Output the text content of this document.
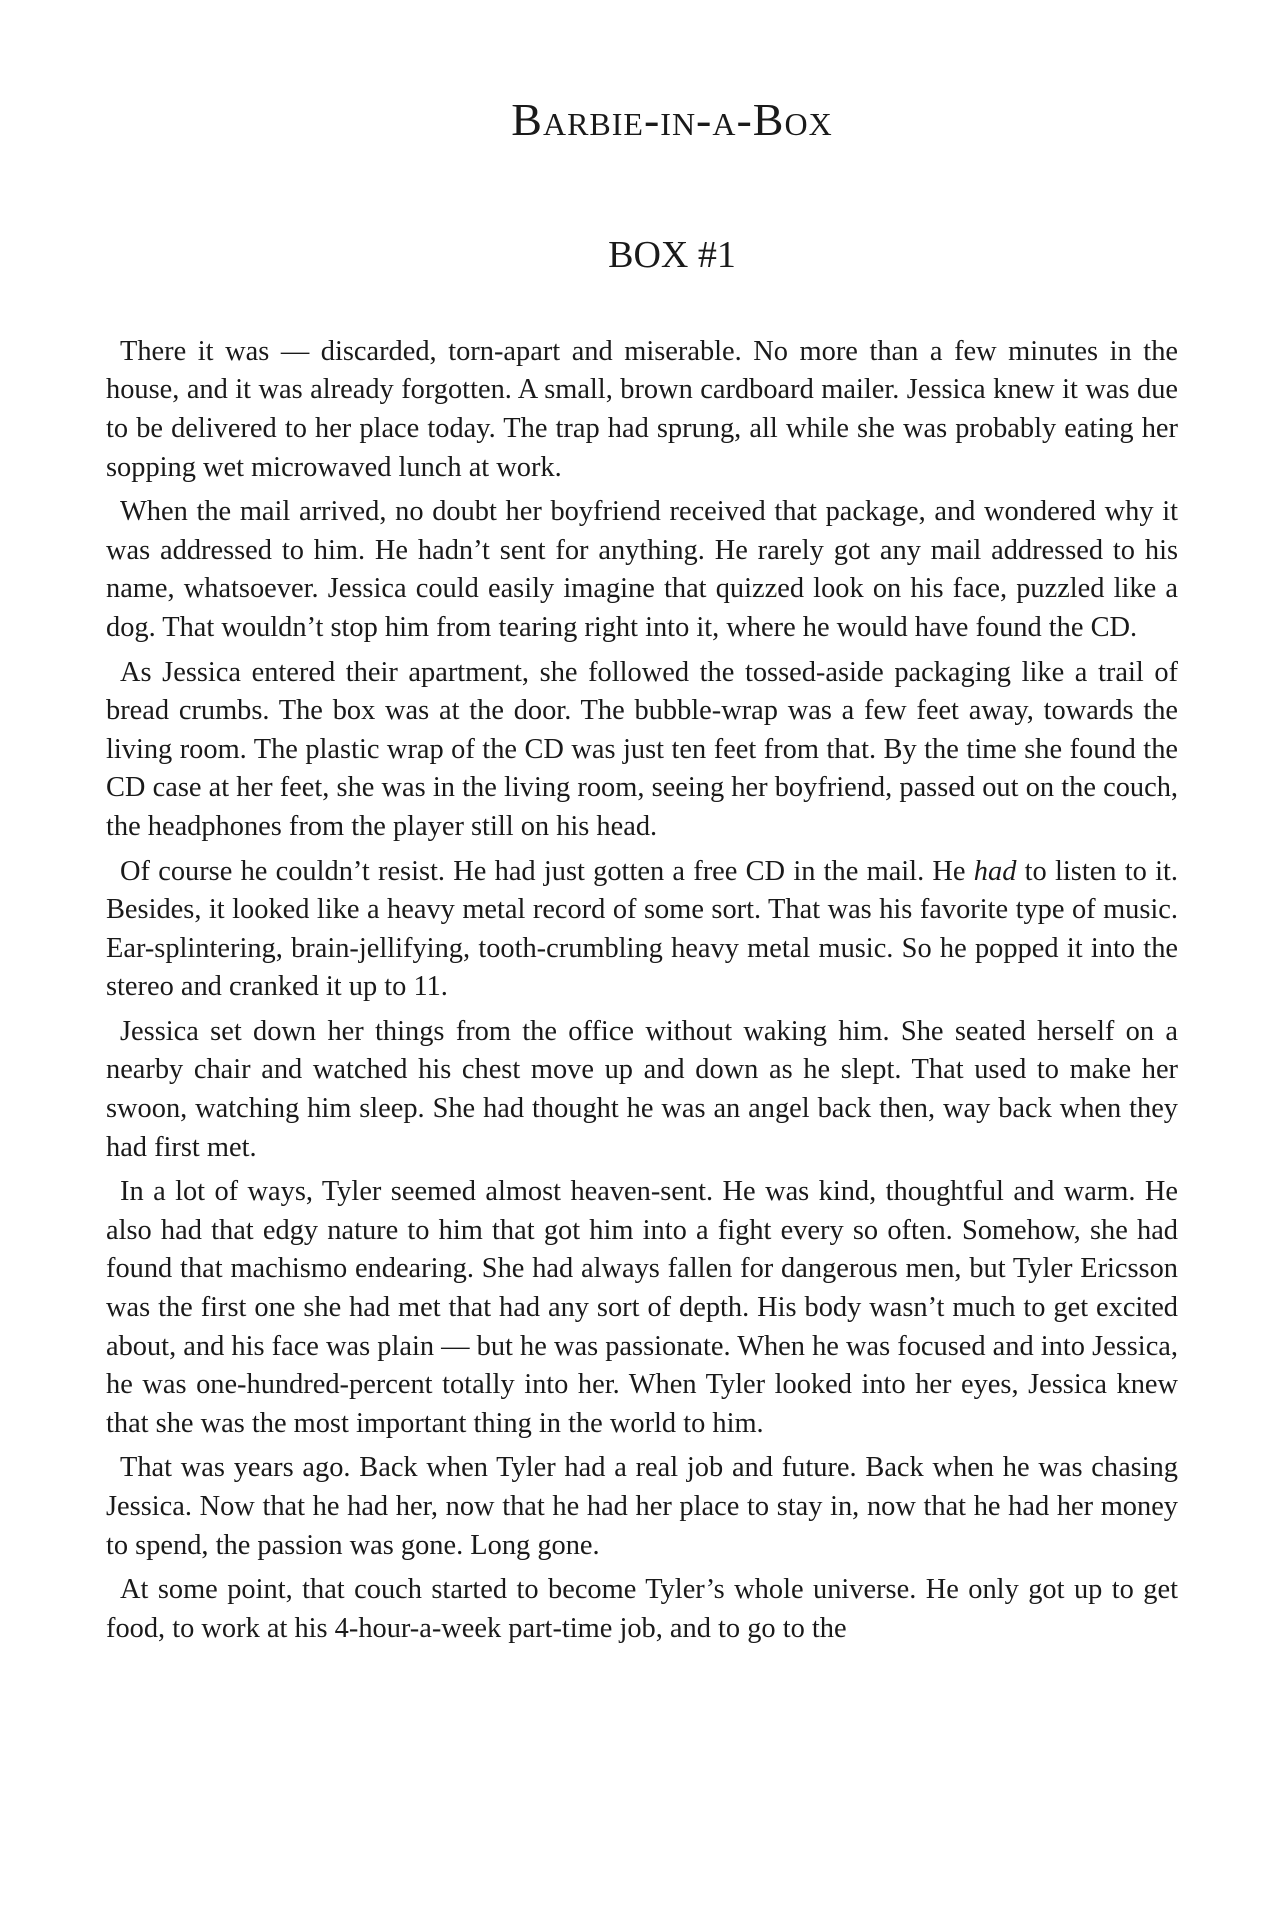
Barbie-in-a-Box
BOX #1

There it was — discarded, torn-apart and miserable. No more than a few minutes in the house, and it was already forgotten. A small, brown cardboard mailer. Jessica knew it was due to be delivered to her place today. The trap had sprung, all while she was probably eating her sopping wet microwaved lunch at work.

When the mail arrived, no doubt her boyfriend received that package, and wondered why it was addressed to him. He hadn’t sent for anything. He rarely got any mail addressed to his name, whatsoever. Jessica could easily imagine that quizzed look on his face, puzzled like a dog. That wouldn’t stop him from tearing right into it, where he would have found the CD.

As Jessica entered their apartment, she followed the tossed-aside packaging like a trail of bread crumbs. The box was at the door. The bubble-wrap was a few feet away, towards the living room. The plastic wrap of the CD was just ten feet from that. By the time she found the CD case at her feet, she was in the living room, seeing her boyfriend, passed out on the couch, the headphones from the player still on his head.

Of course he couldn’t resist. He had just gotten a free CD in the mail. He had to listen to it. Besides, it looked like a heavy metal record of some sort. That was his favorite type of music. Ear-splintering, brain-jellifying, tooth-crumbling heavy metal music. So he popped it into the stereo and cranked it up to 11.

Jessica set down her things from the office without waking him. She seated herself on a nearby chair and watched his chest move up and down as he slept. That used to make her swoon, watching him sleep. She had thought he was an angel back then, way back when they had first met.

In a lot of ways, Tyler seemed almost heaven-sent. He was kind, thoughtful and warm. He also had that edgy nature to him that got him into a fight every so often. Somehow, she had found that machismo endearing. She had always fallen for dangerous men, but Tyler Ericsson was the first one she had met that had any sort of depth. His body wasn’t much to get excited about, and his face was plain — but he was passionate. When he was focused and into Jessica, he was one-hundred-percent totally into her. When Tyler looked into her eyes, Jessica knew that she was the most important thing in the world to him.

That was years ago. Back when Tyler had a real job and future. Back when he was chasing Jessica. Now that he had her, now that he had her place to stay in, now that he had her money to spend, the passion was gone. Long gone.

At some point, that couch started to become Tyler’s whole universe. He only got up to get food, to work at his 4-hour-a-week part-time job, and to go to the
